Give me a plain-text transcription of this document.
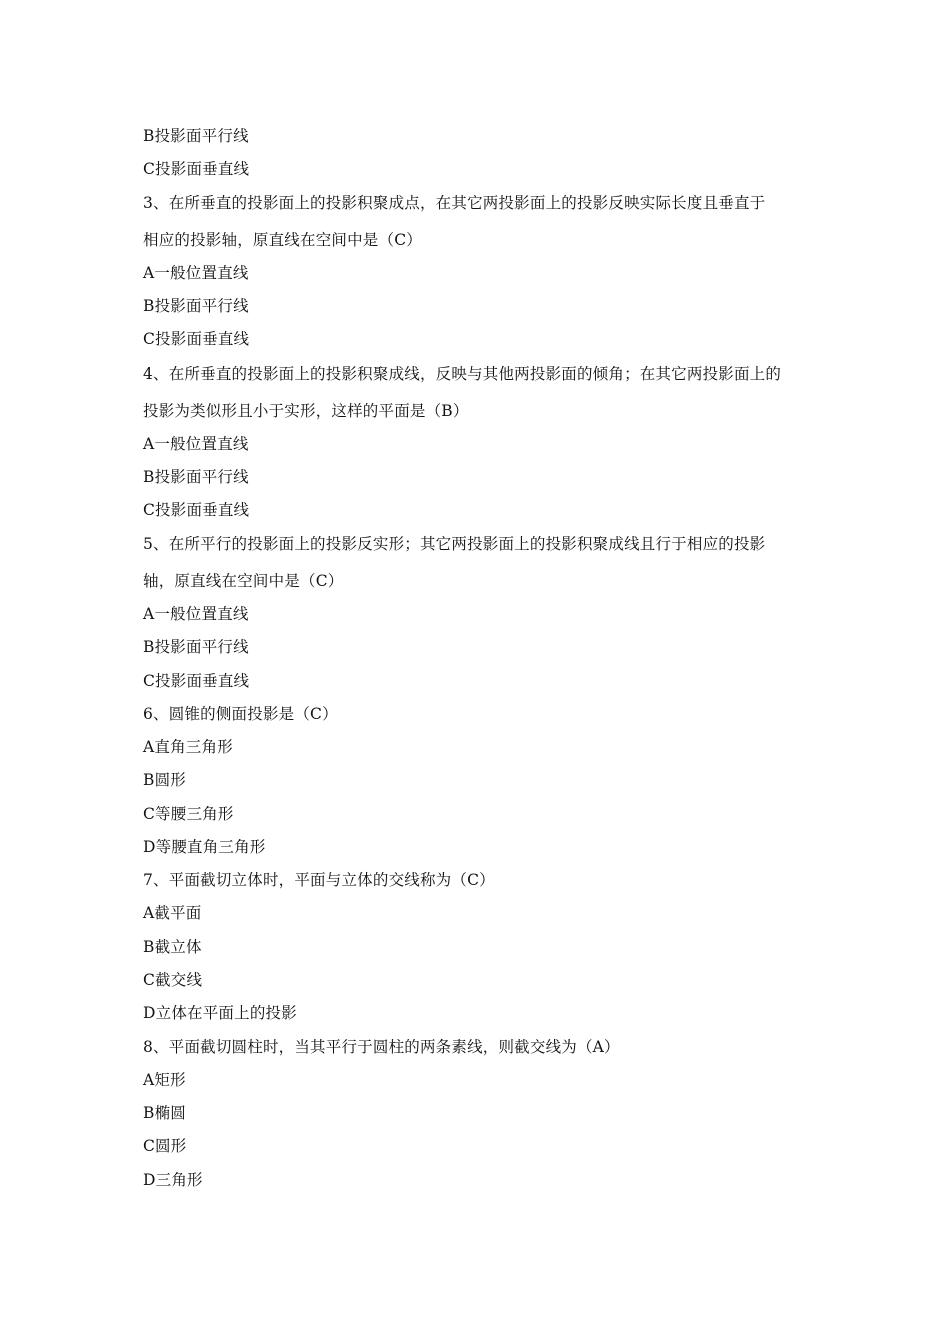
B投影面平行线
C投影面垂直线
3、在所垂直的投影面上的投影积聚成点，在其它两投影面上的投影反映实际长度且垂直于
相应的投影轴，原直线在空间中是（C）
A一般位置直线
B投影面平行线
C投影面垂直线
4、在所垂直的投影面上的投影积聚成线，反映与其他两投影面的倾角；在其它两投影面上的
投影为类似形且小于实形，这样的平面是（B）
A一般位置直线
B投影面平行线
C投影面垂直线
5、在所平行的投影面上的投影反实形；其它两投影面上的投影积聚成线且行于相应的投影
轴，原直线在空间中是（C）
A一般位置直线
B投影面平行线
C投影面垂直线
6、圆锥的侧面投影是（C）
A直角三角形
B圆形
C等腰三角形
D等腰直角三角形
7、平面截切立体时，平面与立体的交线称为（C）
A截平面
B截立体
C截交线
D立体在平面上的投影
8、平面截切圆柱时，当其平行于圆柱的两条素线，则截交线为（A）
A矩形
B椭圆
C圆形
D三角形
